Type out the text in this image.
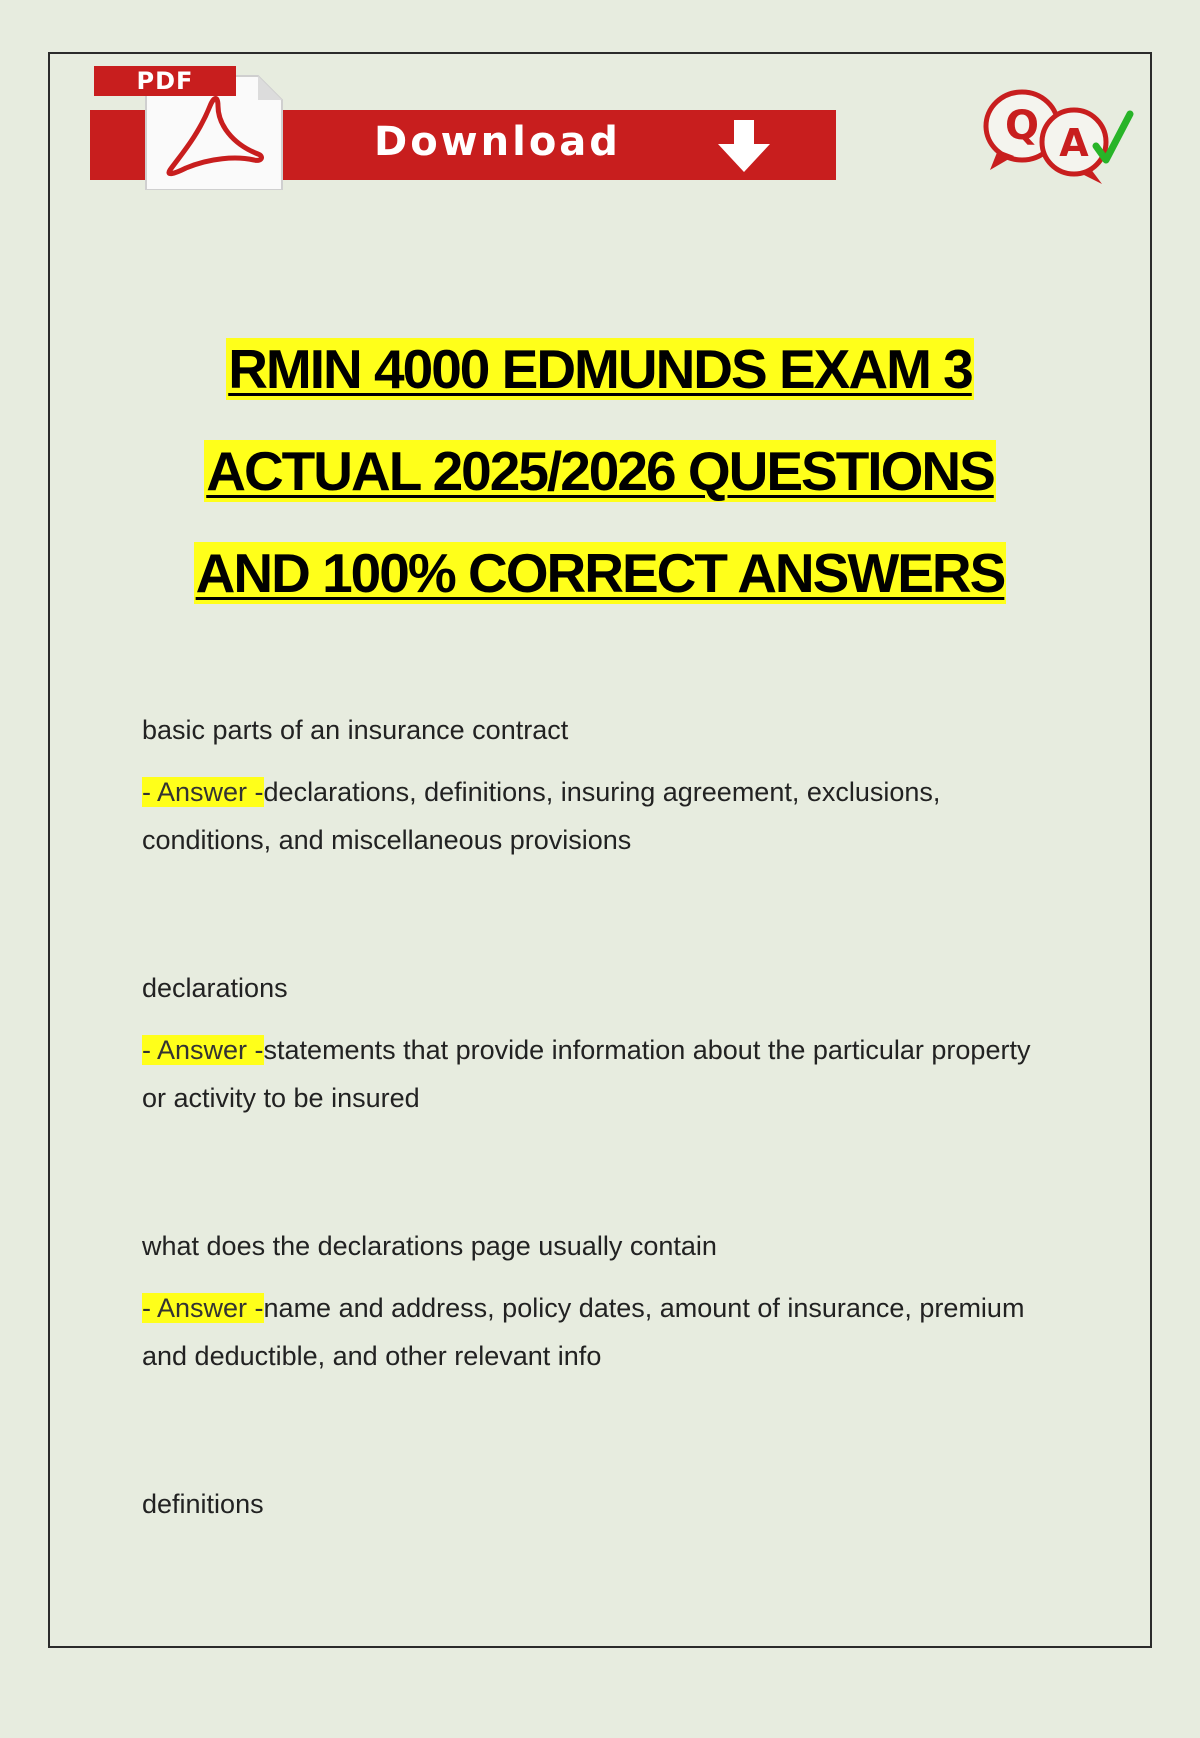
Download
PDF
Q A
RMIN 4000 EDMUNDS EXAM 3
ACTUAL 2025/2026 QUESTIONS
AND 100% CORRECT ANSWERS

basic parts of an insurance contract

- Answer -declarations, definitions, insuring agreement, exclusions, conditions, and miscellaneous provisions

declarations

- Answer -statements that provide information about the particular property or activity to be insured

what does the declarations page usually contain

- Answer -name and address, policy dates, amount of insurance, premium and deductible, and other relevant info

definitions
